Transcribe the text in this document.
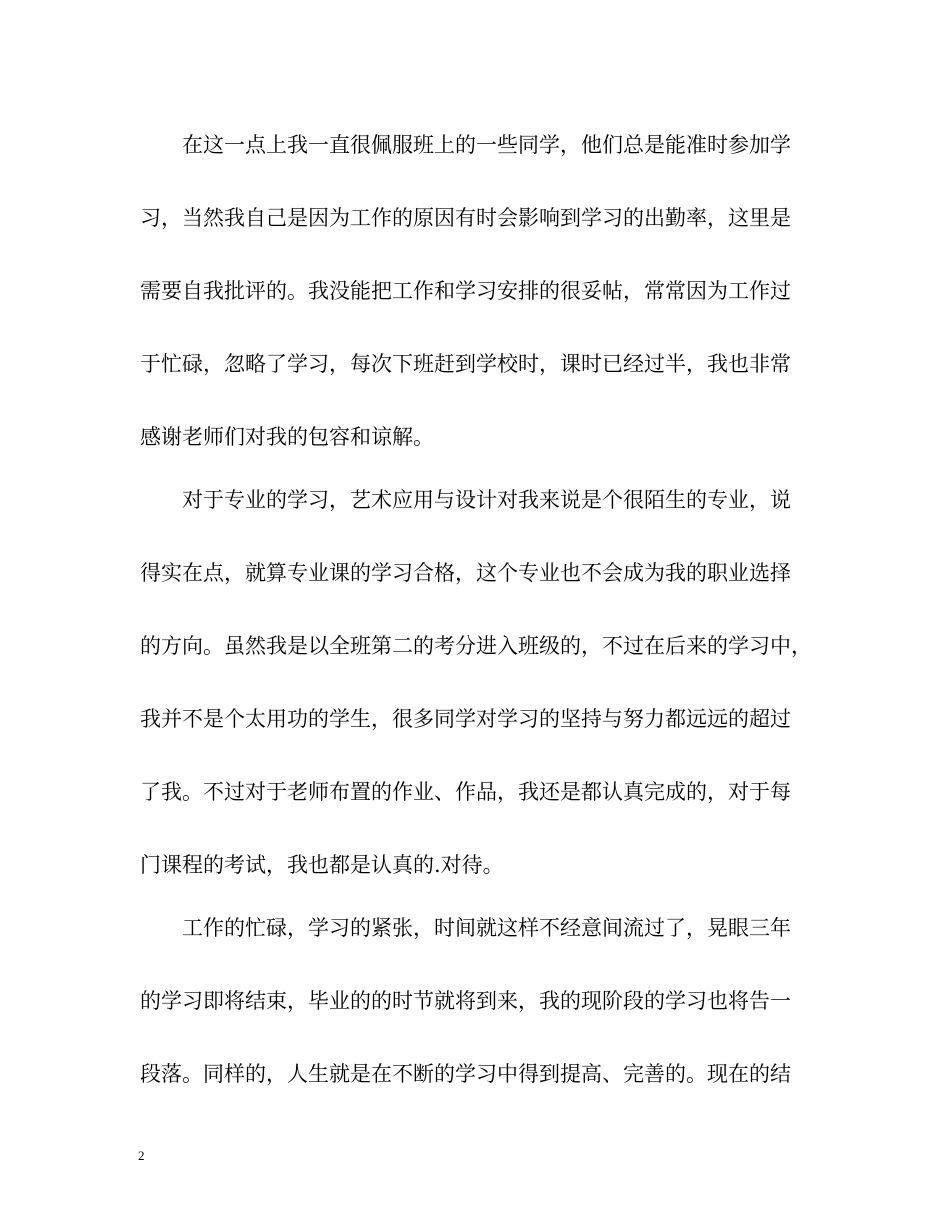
　　在这一点上我一直很佩服班上的一些同学，他们总是能准时参加学
习，当然我自己是因为工作的原因有时会影响到学习的出勤率，这里是
需要自我批评的。我没能把工作和学习安排的很妥帖，常常因为工作过
于忙碌，忽略了学习，每次下班赶到学校时，课时已经过半，我也非常
感谢老师们对我的包容和谅解。
　　对于专业的学习，艺术应用与设计对我来说是个很陌生的专业，说
得实在点，就算专业课的学习合格，这个专业也不会成为我的职业选择
的方向。虽然我是以全班第二的考分进入班级的，不过在后来的学习中，
我并不是个太用功的学生，很多同学对学习的坚持与努力都远远的超过
了我。不过对于老师布置的作业、作品，我还是都认真完成的，对于每
门课程的考试，我也都是认真的.对待。
　　工作的忙碌，学习的紧张，时间就这样不经意间流过了，晃眼三年
的学习即将结束，毕业的的时节就将到来，我的现阶段的学习也将告一
段落。同样的，人生就是在不断的学习中得到提高、完善的。现在的结
2
